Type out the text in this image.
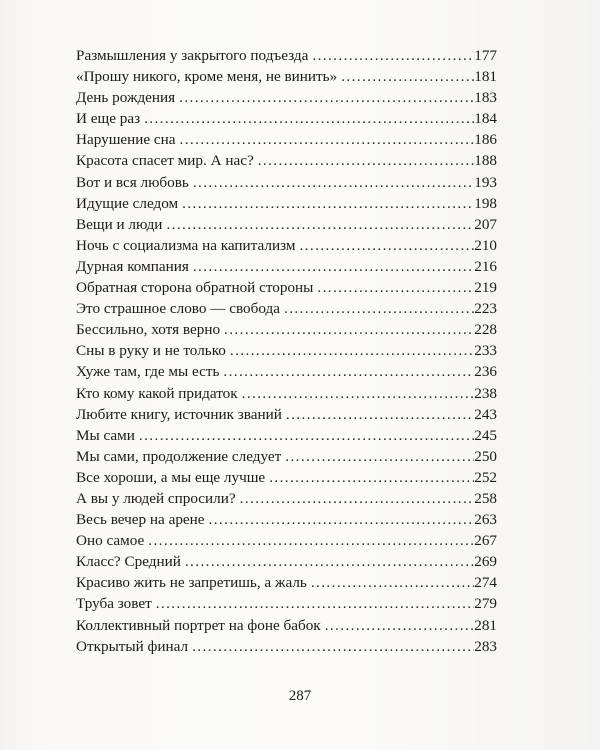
Размышления у закрытого подъезда . . .	177
«Прошу никого, кроме меня, не винить» . . .	181
День рождения . . .	183
И еще раз . . .	184
Нарушение сна . . .	186
Красота спасет мир. А нас? . . .	188
Вот и вся любовь . . .	193
Идущие следом . . .	198
Вещи и люди . . .	207
Ночь с социализма на капитализм . . .	210
Дурная компания . . .	216
Обратная сторона обратной стороны . . .	219
Это страшное слово — свобода . . .	223
Бессильно, хотя верно . . .	228
Сны в руку и не только . . .	233
Хуже там, где мы есть . . .	236
Кто кому какой придаток . . .	238
Любите книгу, источник званий . . .	243
Мы сами . . .	245
Мы сами, продолжение следует . . .	250
Все хороши, а мы еще лучше . . .	252
А вы у людей спросили? . . .	258
Весь вечер на арене . . .	263
Оно самое . . .	267
Класс? Средний . . .	269
Красиво жить не запретишь, а жаль . . .	274
Труба зовет . . .	279
Коллективный портрет на фоне бабок . . .	281
Открытый финал . . .	283
287
